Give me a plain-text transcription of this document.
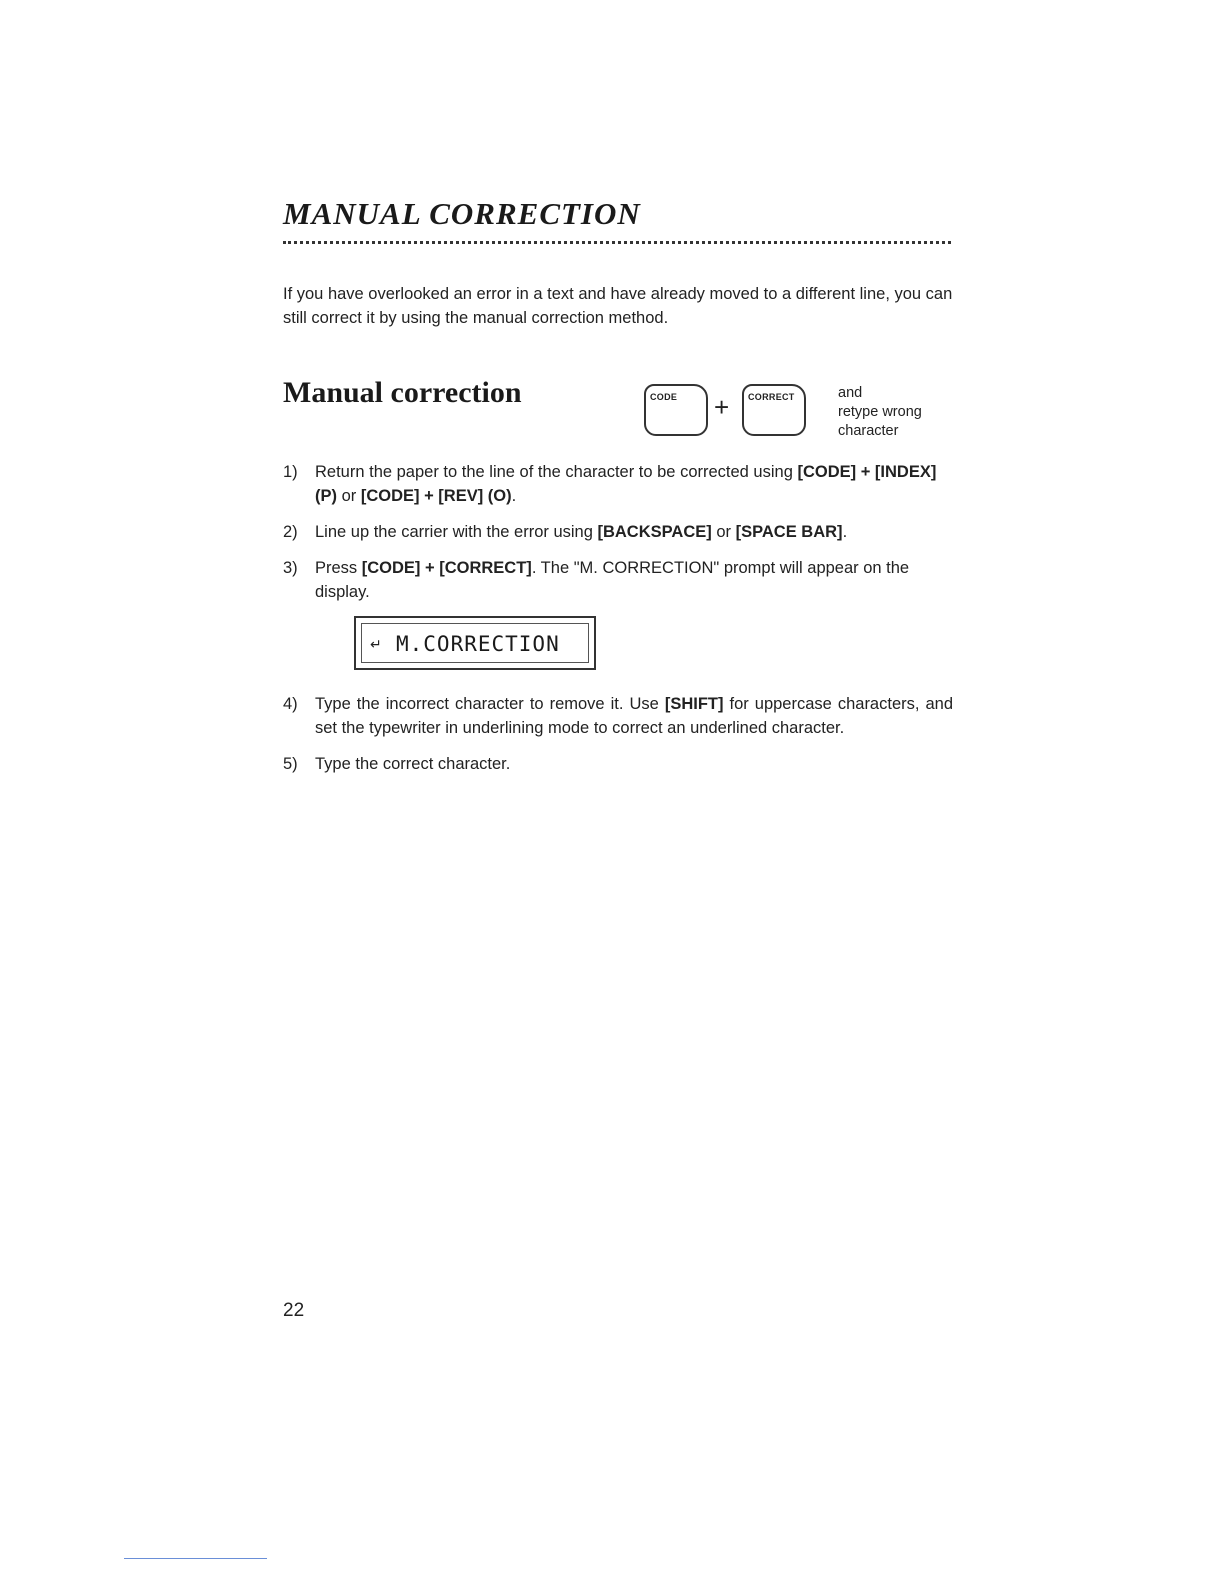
MANUAL CORRECTION

If you have overlooked an error in a text and have already moved to a different line, you can still correct it by using the manual correction method.

Manual correction	CODE + CORRECT	and
retype wrong
character
1) Return the paper to the line of the character to be corrected using [CODE] + [INDEX] (P) or [CODE] + [REV] (O).
2) Line up the carrier with the error using [BACKSPACE] or [SPACE BAR].
3) Press [CODE] + [CORRECT]. The "M. CORRECTION" prompt will appear on the display.
↵ M.CORRECTION
4) Type the incorrect character to remove it. Use [SHIFT] for uppercase characters, and set the typewriter in underlining mode to correct an underlined character.
5) Type the correct character.
22
